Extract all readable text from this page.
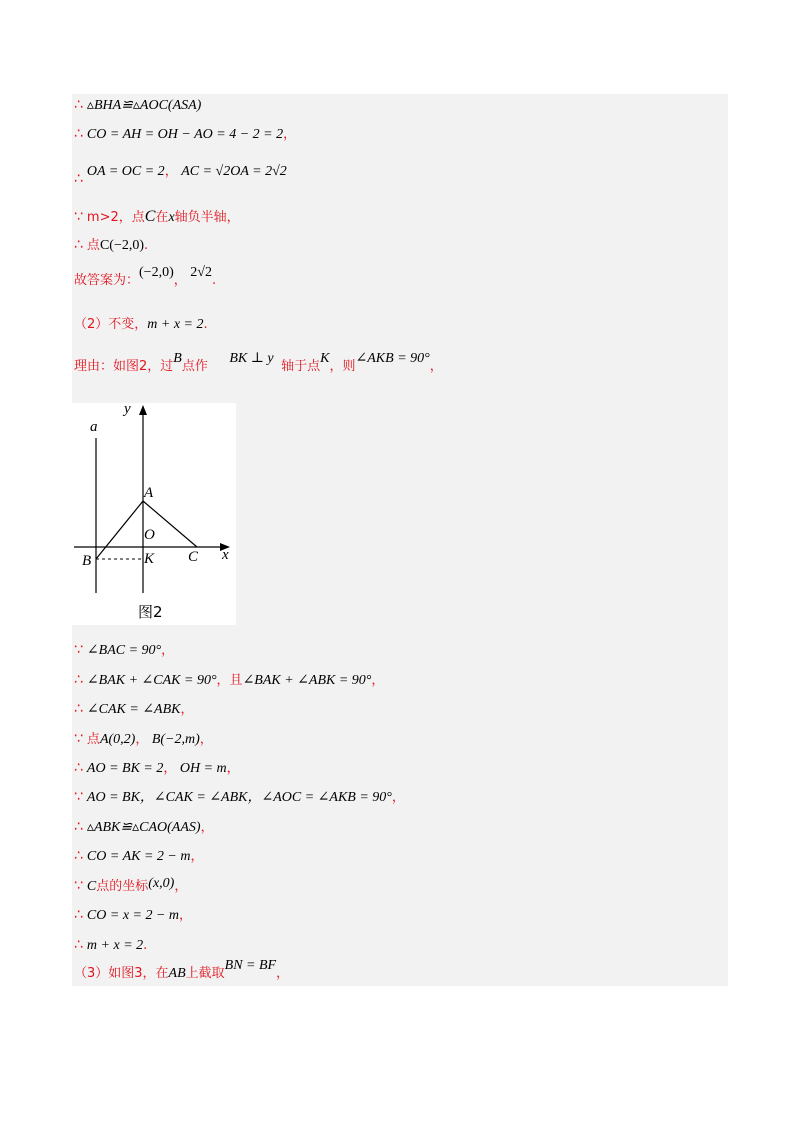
∴ ▵BHA≌▵AOC(ASA)
∴ CO = AH = OH − AO = 4 − 2 = 2，
∴ OA = OC = 2， AC = √2OA = 2√2
∵ m>2，点C在x轴负半轴，
∴ 点C(−2,0).
故答案为：(−2,0)， 2√2.
（2）不变，m + x = 2.
理由：如图2，过B点作 BK ⊥ y 轴于点K，则∠AKB = 90°，
a
y
A
O
B	K C x
图2
∵ ∠BAC = 90°，
∴ ∠BAK + ∠CAK = 90°，且∠BAK + ∠ABK = 90°，
∴ ∠CAK = ∠ABK，
∵ 点A(0,2)， B(−2,m)，
∴ AO = BK = 2， OH = m，
∵ AO = BK，∠CAK = ∠ABK，∠AOC = ∠AKB = 90°，
∴ ▵ABK≌▵CAO(AAS)，
∴ CO = AK = 2 − m，
∵ C点的坐标(x,0)，
∴ CO = x = 2 − m，
∴ m + x = 2.
（3）如图3，在AB上截取BN = BF，
